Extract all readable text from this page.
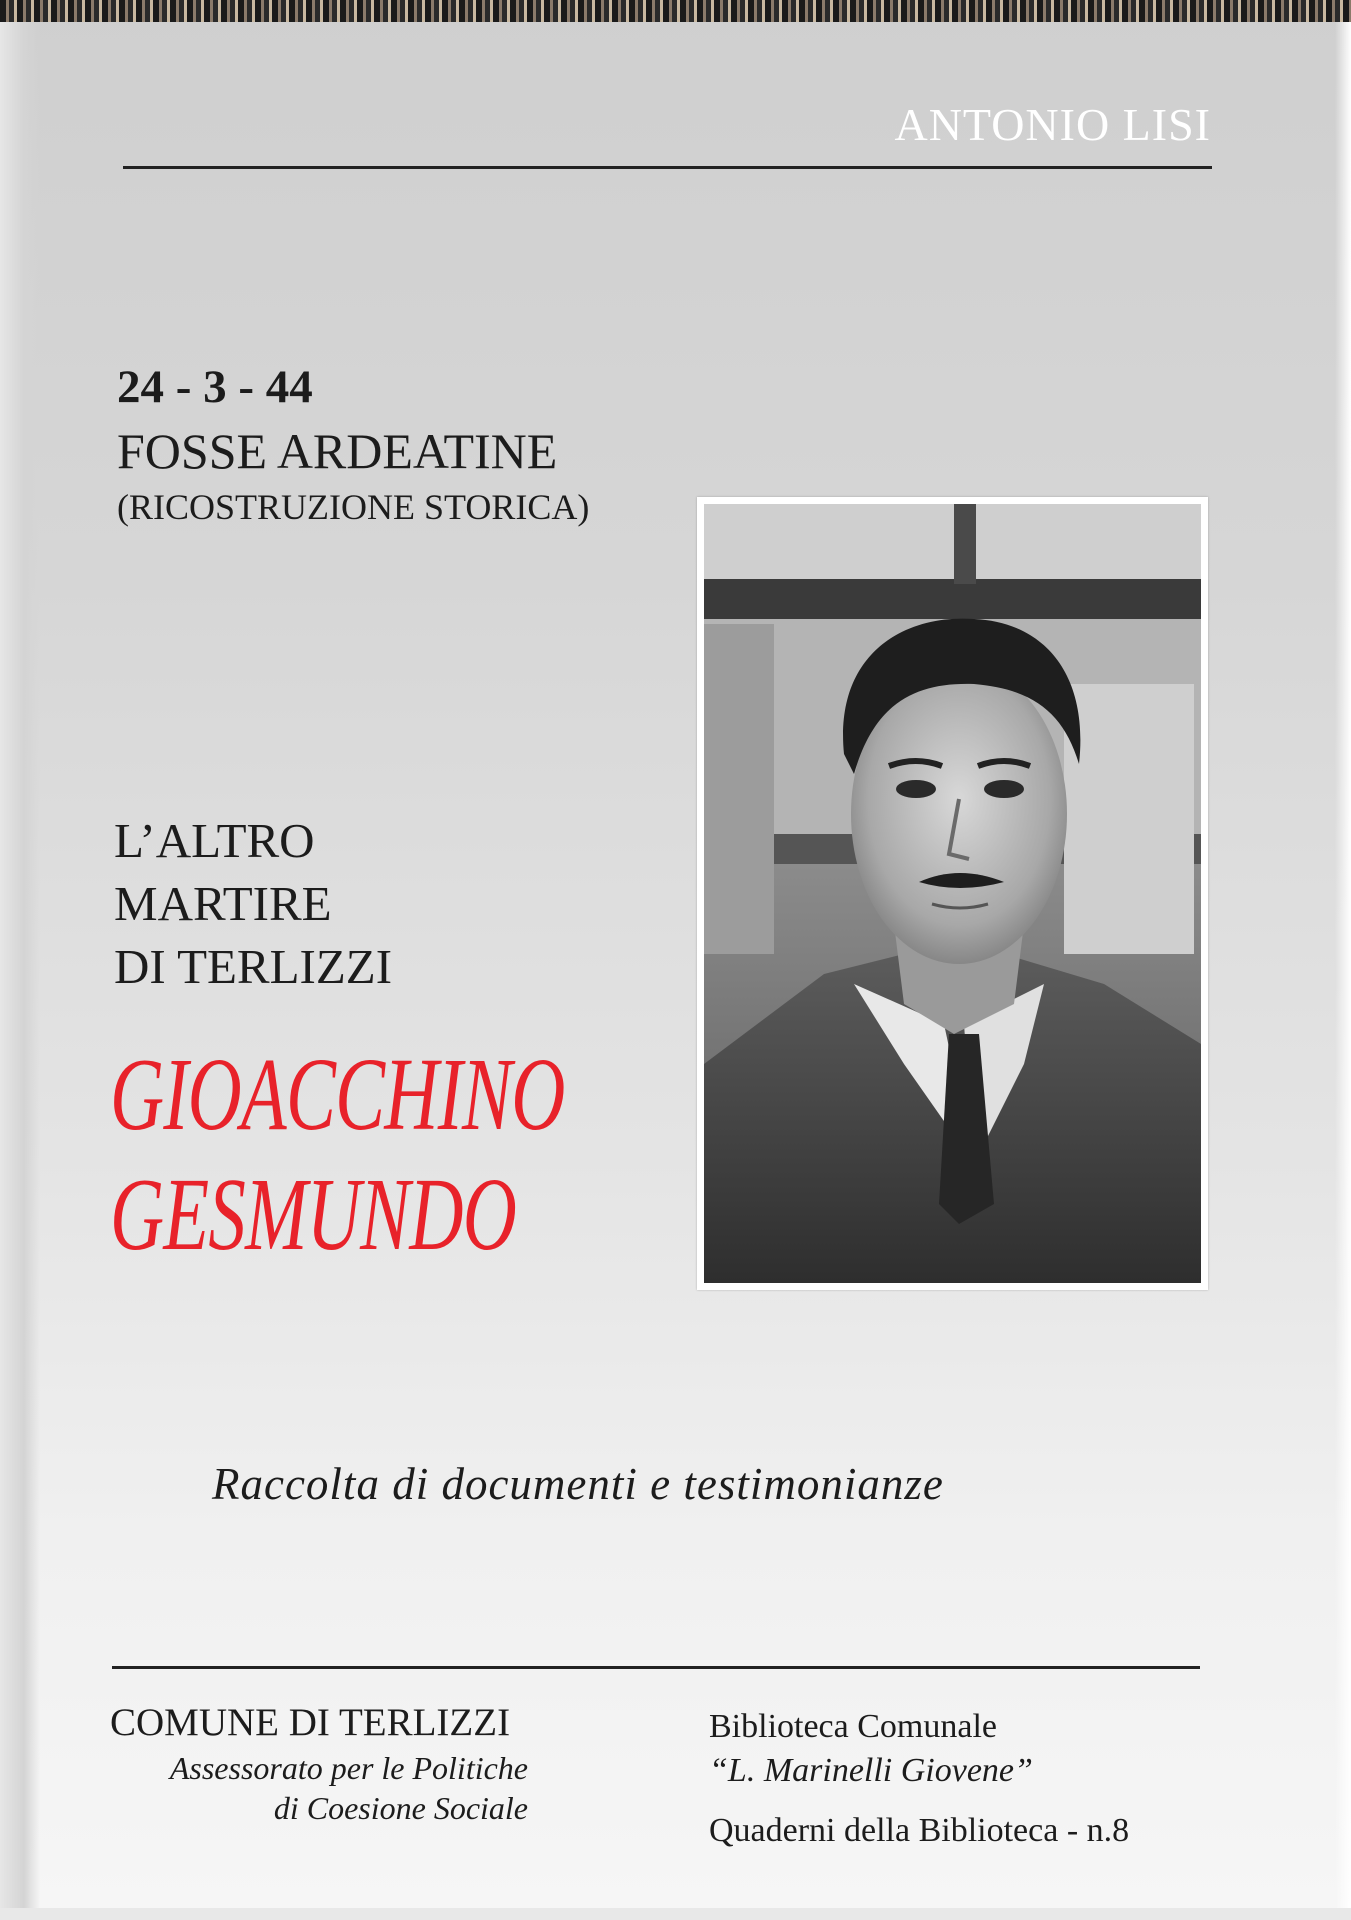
ANTONIO LISI
24 - 3 - 44
FOSSE ARDEATINE
(RICOSTRUZIONE STORICA)
L’ALTRO
MARTIRE
DI TERLIZZI
GIOACCHINO
GESMUNDO
Raccolta di documenti e testimonianze
COMUNE DI TERLIZZI
Assessorato per le Politiche
di Coesione Sociale
Biblioteca Comunale
“L. Marinelli Giovene”
Quaderni della Biblioteca - n.8
